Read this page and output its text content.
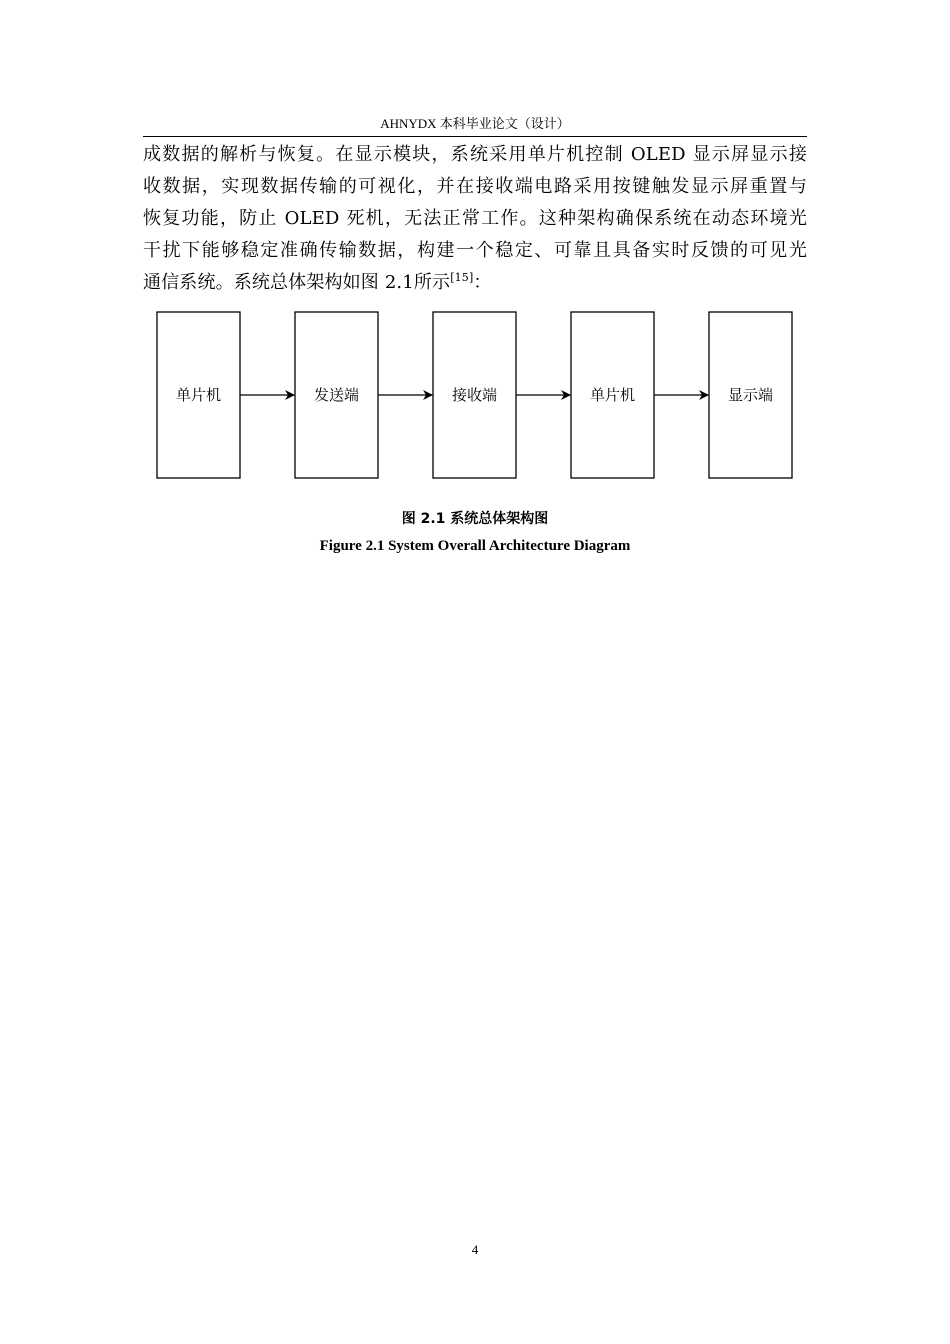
AHNYDX 本科毕业论文（设计）
成数据的解析与恢复。在显示模块，系统采用单片机控制 OLED 显示屏显示接
收数据，实现数据传输的可视化，并在接收端电路采用按键触发显示屏重置与
恢复功能，防止 OLED 死机，无法正常工作。这种架构确保系统在动态环境光
干扰下能够稳定准确传输数据，构建一个稳定、可靠且具备实时反馈的可见光
通信系统。系统总体架构如图 2.1所示[15]：
单片机	发送端	接收端	单片机	显示端
图 2.1 系统总体架构图
Figure 2.1 System Overall Architecture Diagram
4
